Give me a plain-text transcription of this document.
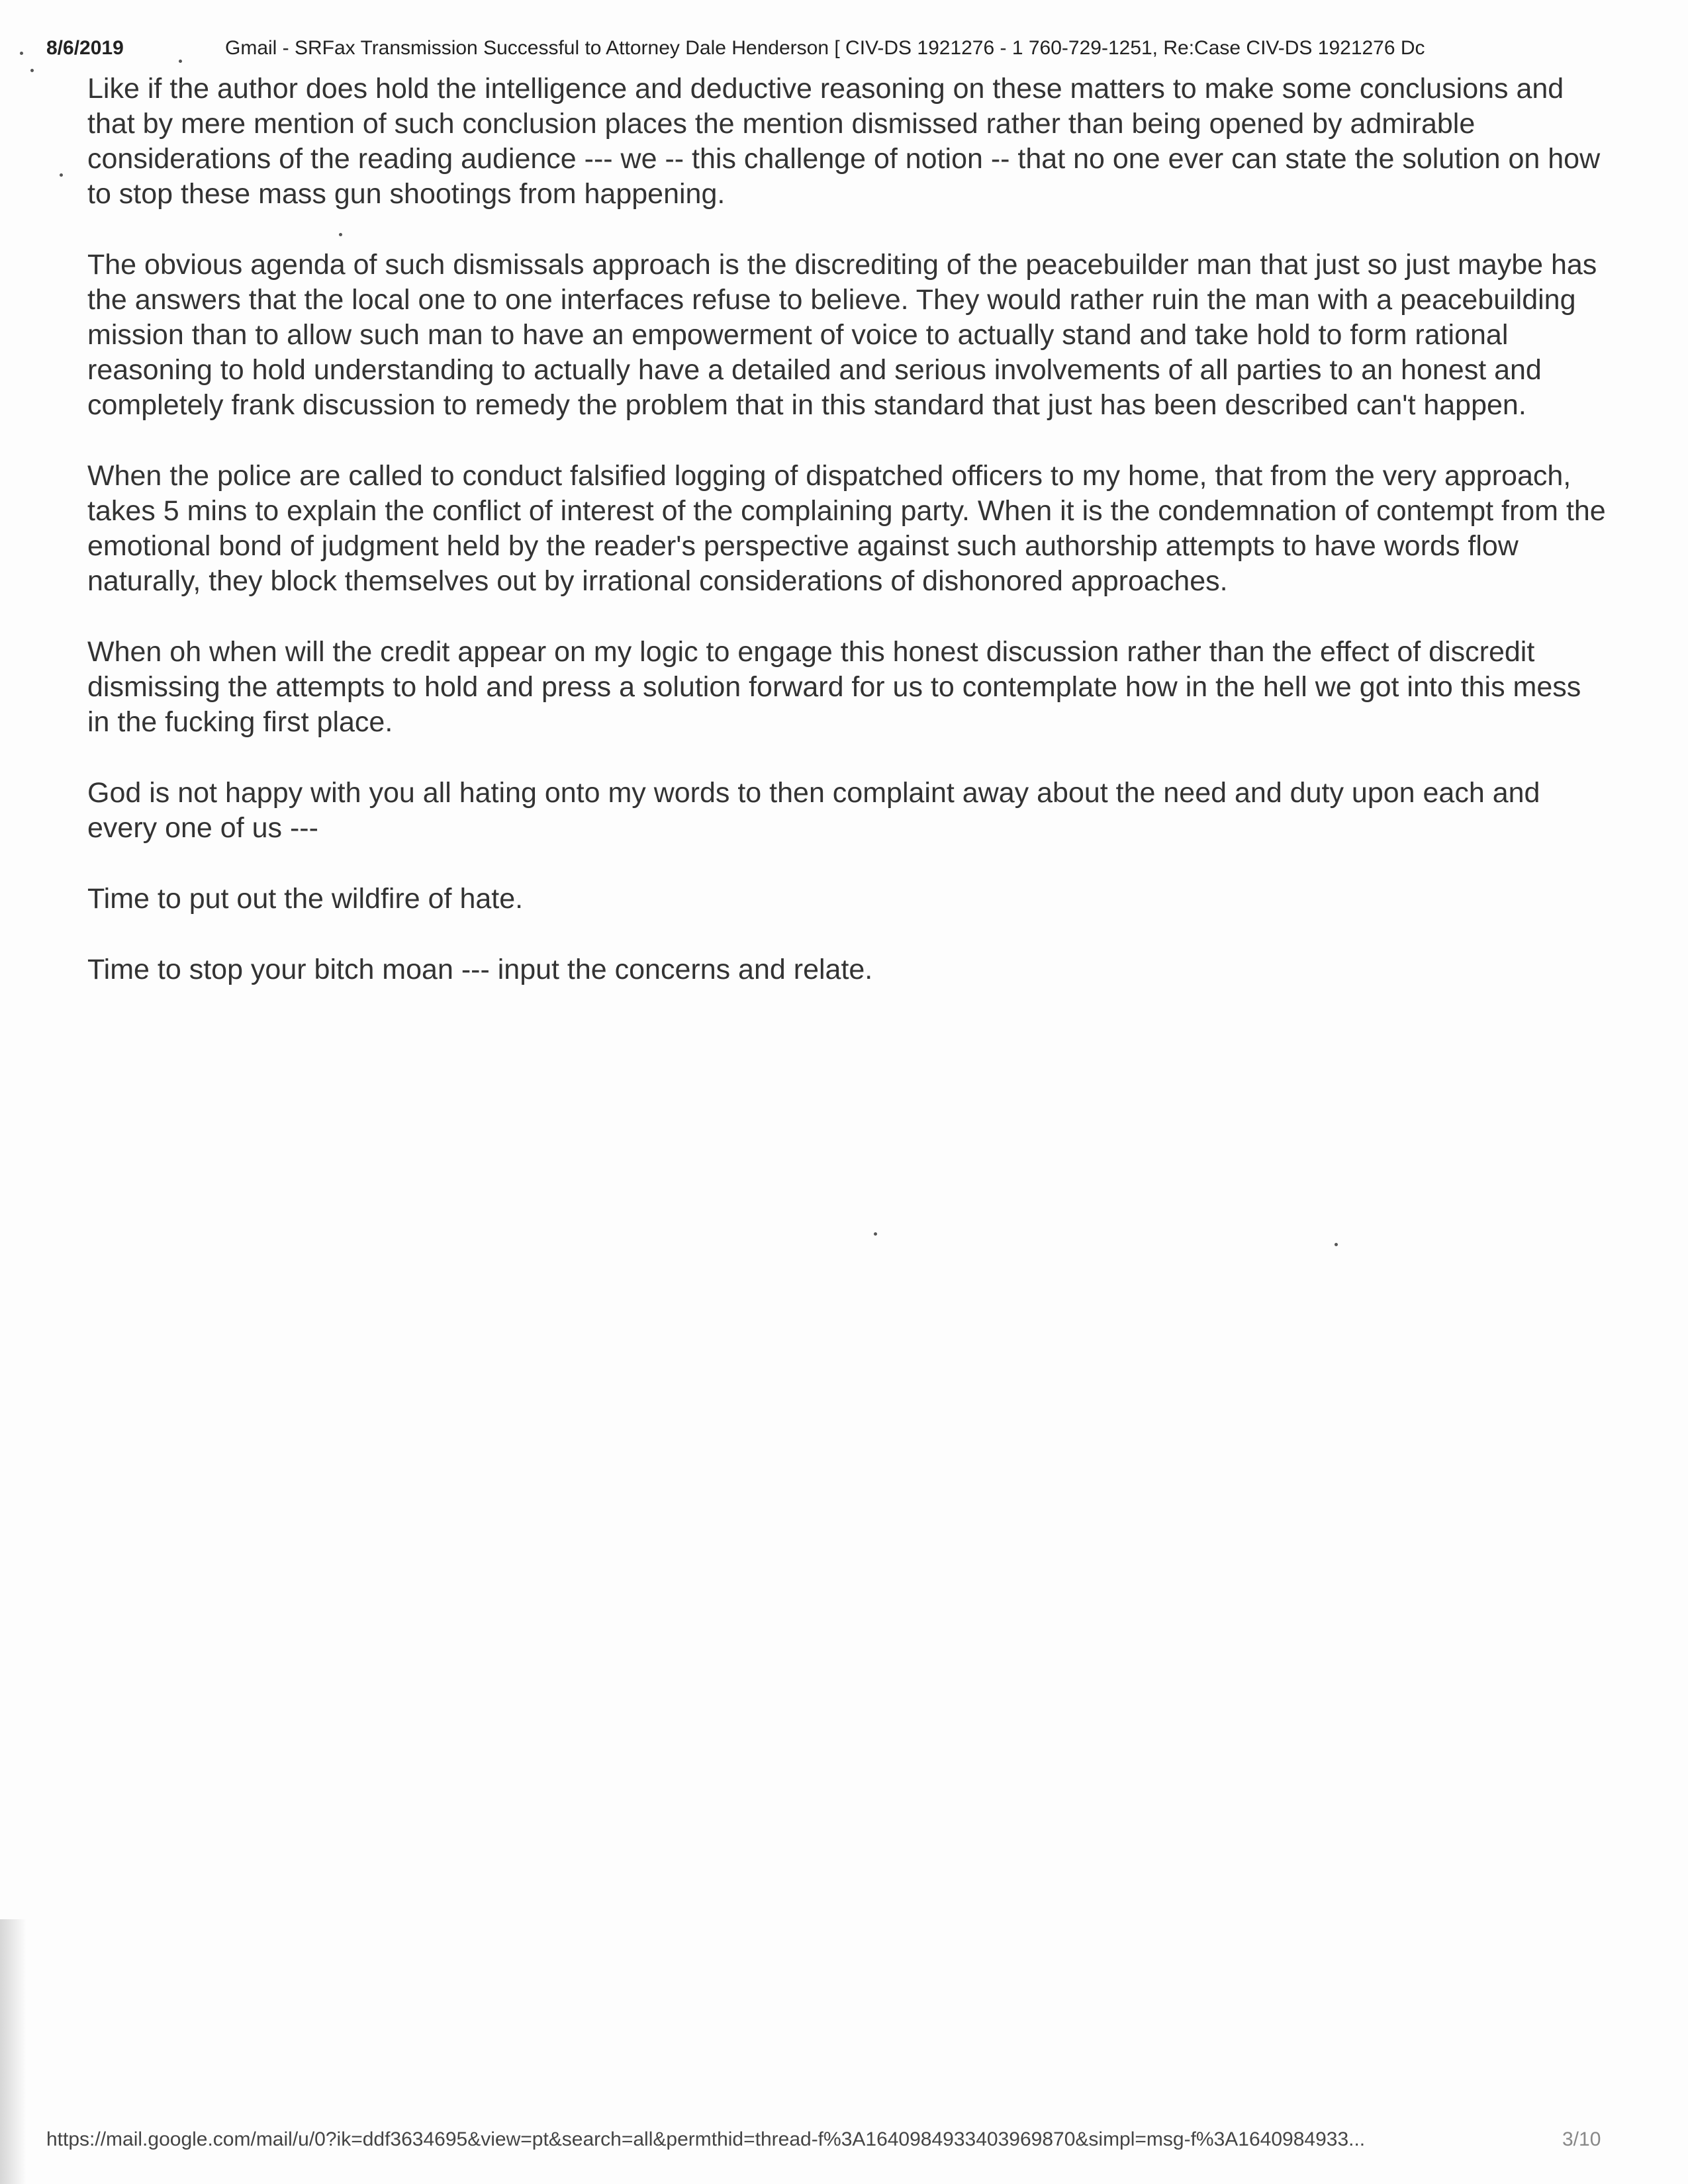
8/6/2019	Gmail - SRFax Transmission Successful to Attorney Dale Henderson [ CIV-DS 1921276 - 1 760-729-1251, Re:Case CIV-DS 1921276 Dc

Like if the author does hold the intelligence and deductive reasoning on these matters to make some conclusions and that by mere mention of such conclusion places the mention dismissed rather than being opened by admirable considerations of the reading audience --- we -- this challenge of notion -- that no one ever can state the solution on how to stop these mass gun shootings from happening.

The obvious agenda of such dismissals approach is the discrediting of the peacebuilder man that just so just maybe has the answers that the local one to one interfaces refuse to believe. They would rather ruin the man with a peacebuilding mission than to allow such man to have an empowerment of voice to actually stand and take hold to form rational reasoning to hold understanding to actually have a detailed and serious involvements of all parties to an honest and completely frank discussion to remedy the problem that in this standard that just has been described can't happen.

When the police are called to conduct falsified logging of dispatched officers to my home, that from the very approach, takes 5 mins to explain the conflict of interest of the complaining party. When it is the condemnation of contempt from the emotional bond of judgment held by the reader's perspective against such authorship attempts to have words flow naturally, they block themselves out by irrational considerations of dishonored approaches.

When oh when will the credit appear on my logic to engage this honest discussion rather than the effect of discredit dismissing the attempts to hold and press a solution forward for us to contemplate how in the hell we got into this mess in the fucking first place.

God is not happy with you all hating onto my words to then complaint away about the need and duty upon each and every one of us ---

Time to put out the wildfire of hate.

Time to stop your bitch moan --- input the concerns and relate.

https://mail.google.com/mail/u/0?ik=ddf3634695&view=pt&search=all&permthid=thread-f%3A1640984933403969870&simpl=msg-f%3A1640984933...	3/10
